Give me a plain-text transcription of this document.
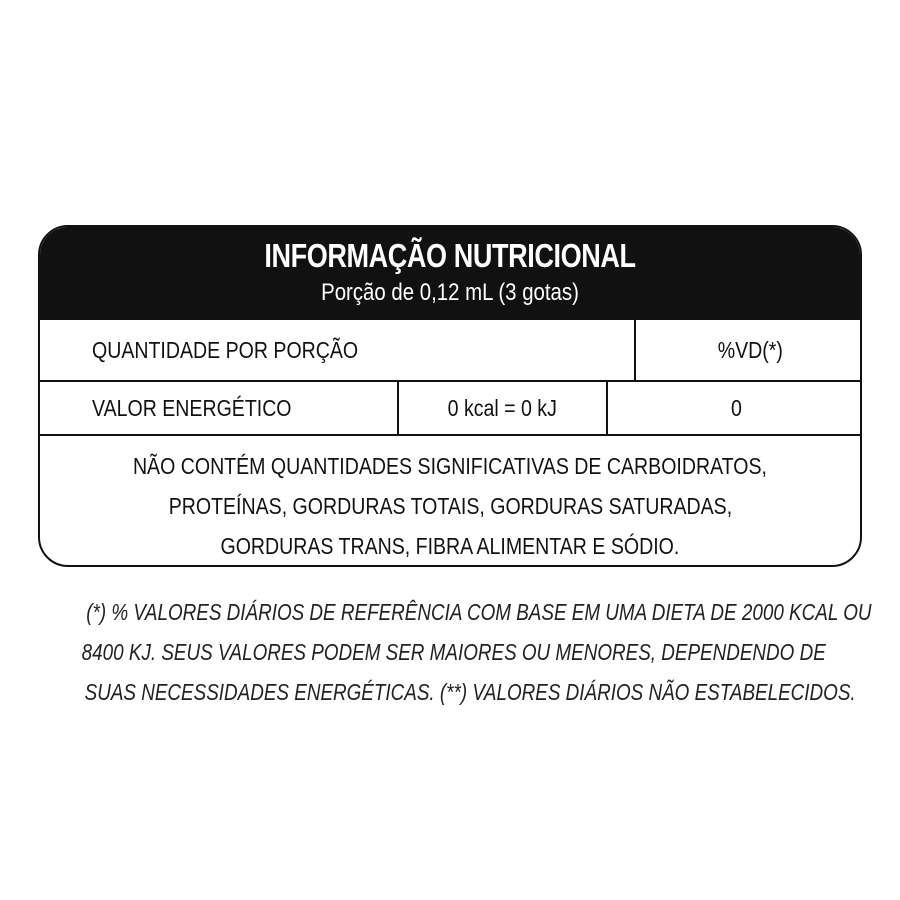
INFORMAÇÃO NUTRICIONAL
Porção de 0,12 mL (3 gotas)
QUANTIDADE POR PORÇÃO	%VD(*)
VALOR ENERGÉTICO	0 kcal = 0 kJ	0
NÃO CONTÉM QUANTIDADES SIGNIFICATIVAS DE CARBOIDRATOS,
PROTEÍNAS, GORDURAS TOTAIS, GORDURAS SATURADAS,
GORDURAS TRANS, FIBRA ALIMENTAR E SÓDIO.
(*) % VALORES DIÁRIOS DE REFERÊNCIA COM BASE EM UMA DIETA DE 2000 KCAL OU
8400 KJ. SEUS VALORES PODEM SER MAIORES OU MENORES, DEPENDENDO DE
SUAS NECESSIDADES ENERGÉTICAS. (**) VALORES DIÁRIOS NÃO ESTABELECIDOS.
